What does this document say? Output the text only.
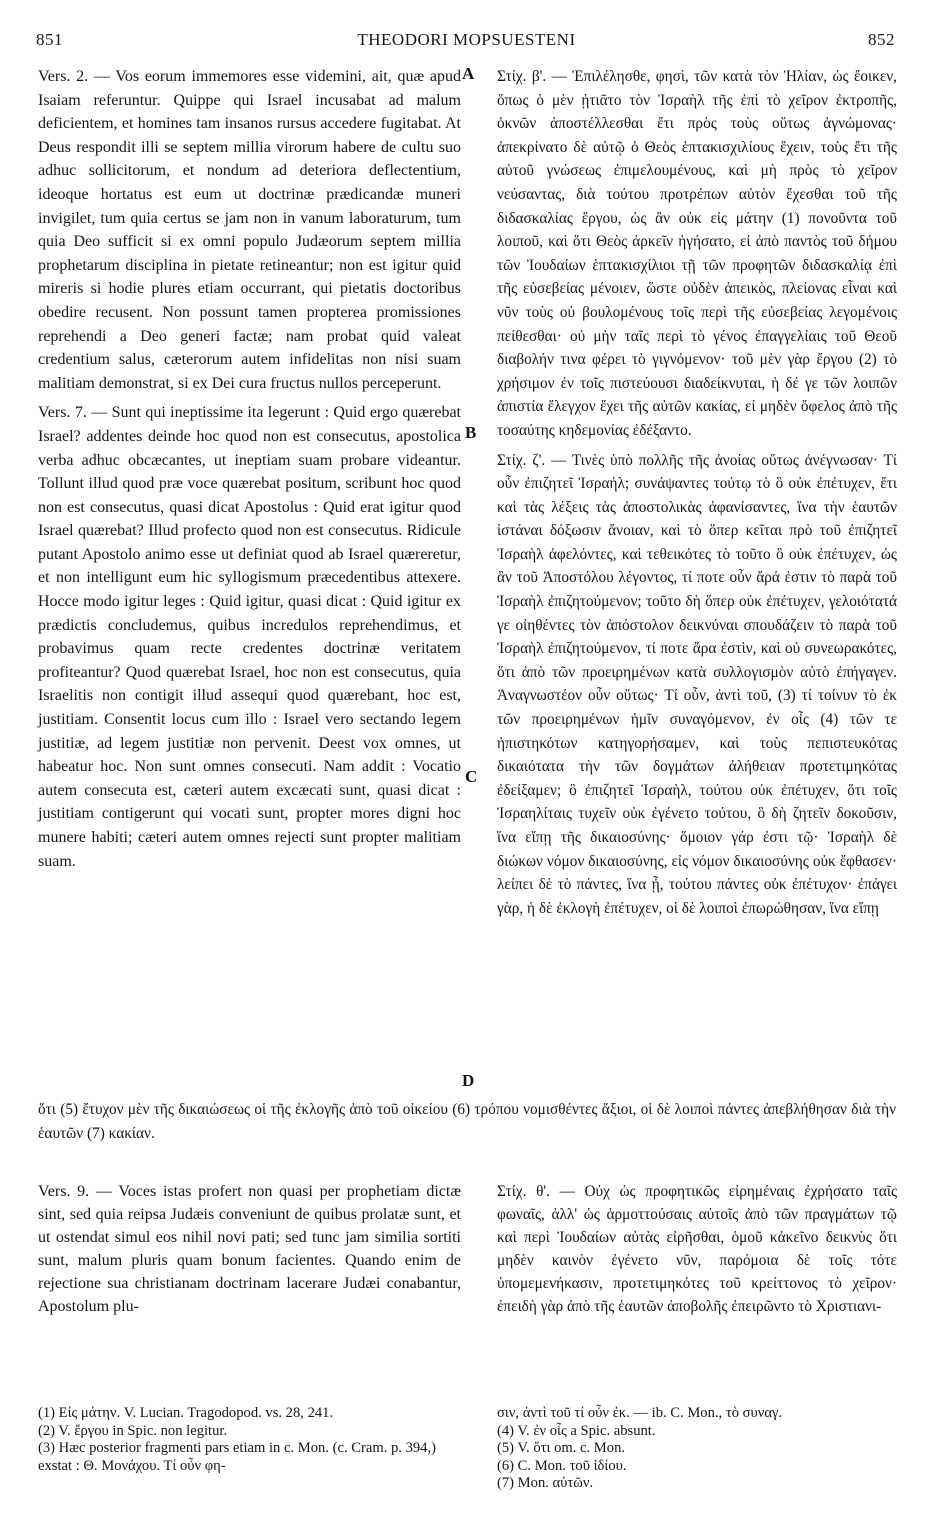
851	THEODORI MOPSUESTENI	852
A
B
C
D

Vers. 2. — Vos eorum immemores esse videmini, ait, quæ apud Isaiam referuntur. Quippe qui Israel incusabat ad malum deficientem, et homines tam insanos rursus accedere fugitabat. At Deus respondit illi se septem millia virorum habere de cultu suo adhuc sollicitorum, et nondum ad deteriora deflectentium, ideoque hortatus est eum ut doctrinæ prædicandæ muneri invigilet, tum quia certus se jam non in vanum laboraturum, tum quia Deo sufficit si ex omni populo Judæorum septem millia prophetarum disciplina in pietate retineantur; non est igitur quid mireris si hodie plures etiam occurrant, qui pietatis doctoribus obedire recusent. Non possunt tamen propterea promissiones reprehendi a Deo generi factæ; nam probat quid valeat credentium salus, cæterorum autem infidelitas non nisi suam malitiam demonstrat, si ex Dei cura fructus nullos perceperunt.

Vers. 7. — Sunt qui ineptissime ita legerunt : Quid ergo quærebat Israel? addentes deinde hoc quod non est consecutus, apostolica verba adhuc obcæcantes, ut ineptiam suam probare videantur. Tollunt illud quod præ voce quærebat positum, scribunt hoc quod non est consecutus, quasi dicat Apostolus : Quid erat igitur quod Israel quærebat? Illud profecto quod non est consecutus. Ridicule putant Apostolo animo esse ut definiat quod ab Israel quæreretur, et non intelligunt eum hic syllogismum præcedentibus attexere. Hocce modo igitur leges : Quid igitur, quasi dicat : Quid igitur ex prædictis concludemus, quibus incredulos reprehendimus, et probavimus quam recte credentes doctrinæ veritatem profiteantur? Quod quærebat Israel, hoc non est consecutus, quia Israelitis non contigit illud assequi quod quærebant, hoc est, justitiam. Consentit locus cum illo : Israel vero sectando legem justitiæ, ad legem justitiæ non pervenit. Deest vox omnes, ut habeatur hoc. Non sunt omnes consecuti. Nam addit : Vocatio autem consecuta est, cæteri autem excæcati sunt, quasi dicat : justitiam contigerunt qui vocati sunt, propter mores digni hoc munere habiti; cæteri autem omnes rejecti sunt propter malitiam suam.

Στίχ. β'. — Ἐπιλέλησθε, φησὶ, τῶν κατὰ τὸν Ἠλίαν, ὡς ἔοικεν, ὅπως ὁ μὲν ᾐτιᾶτο τὸν Ἰσραὴλ τῆς ἐπὶ τὸ χεῖρον ἐκτροπῆς, ὀκνῶν ἀποστέλλεσθαι ἔτι πρὸς τοὺς οὕτως ἀγνώμονας· ἀπεκρίνατο δὲ αὐτῷ ὁ Θεὸς ἑπτακισχιλίους ἔχειν, τοὺς ἔτι τῆς αὐτοῦ γνώσεως ἐπιμελουμένους, καὶ μὴ πρὸς τὸ χεῖρον νεύσαντας, διὰ τούτου προτρέπων αὐτὸν ἔχεσθαι τοῦ τῆς διδασκαλίας ἔργου, ὡς ἂν οὐκ εἰς μάτην (1) πονοῦντα τοῦ λοιποῦ, καὶ ὅτι Θεὸς ἀρκεῖν ἡγήσατο, εἰ ἀπὸ παντὸς τοῦ δήμου τῶν Ἰουδαίων ἑπτακισχίλιοι τῇ τῶν προφητῶν διδασκαλίᾳ ἐπὶ τῆς εὐσεβείας μένοιεν, ὥστε οὐδὲν ἀπεικὸς, πλείονας εἶναι καὶ νῦν τοὺς οὐ βουλομένους τοῖς περὶ τῆς εὐσεβείας λεγομένοις πείθεσθαι· οὐ μὴν ταῖς περὶ τὸ γένος ἐπαγγελίαις τοῦ Θεοῦ διαβολήν τινα φέρει τὸ γιγνόμενον· τοῦ μὲν γὰρ ἔργου (2) τὸ χρήσιμον ἐν τοῖς πιστεύουσι διαδείκνυται, ἡ δέ γε τῶν λοιπῶν ἀπιστία ἔλεγχον ἔχει τῆς αὐτῶν κακίας, εἰ μηδὲν ὄφελος ἀπὸ τῆς τοσαύτης κηδεμονίας ἐδέξαντο.

Στίχ. ζ'. — Τινὲς ὑπὸ πολλῆς τῆς ἀνοίας οὕτως ἀνέγνωσαν· Τί οὖν ἐπιζητεῖ Ἰσραήλ; συνάψαντες τούτῳ τὸ ὃ οὐκ ἐπέτυχεν, ἔτι καὶ τὰς λέξεις τὰς ἀποστολικὰς ἀφανίσαντες, ἵνα τὴν ἑαυτῶν ἱστάναι δόξωσιν ἄνοιαν, καὶ τὸ ὅπερ κεῖται πρὸ τοῦ ἐπιζητεῖ Ἰσραὴλ ἀφελόντες, καὶ τεθεικότες τὸ τοῦτο ὃ οὐκ ἐπέτυχεν, ὡς ἂν τοῦ Ἀποστόλου λέγοντος, τί ποτε οὖν ἄρά ἐστιν τὸ παρὰ τοῦ Ἰσραὴλ ἐπιζητούμενον; τοῦτο δὴ ὅπερ οὐκ ἐπέτυχεν, γελοιότατά γε οἰηθέντες τὸν ἀπόστολον δεικνύναι σπουδάζειν τὸ παρὰ τοῦ Ἰσραὴλ ἐπιζητούμενον, τί ποτε ἄρα ἐστὶν, καὶ οὐ συνεωρακότες, ὅτι ἀπὸ τῶν προειρημένων κατὰ συλλογισμὸν αὐτὸ ἐπήγαγεν. Ἀναγνωστέον οὖν οὕτως· Τί οὖν, ἀντὶ τοῦ, (3) τί τοίνυν τὸ ἐκ τῶν προειρημένων ἡμῖν συναγόμενον, ἐν οἷς (4) τῶν τε ἠπιστηκότων κατηγορήσαμεν, καὶ τοὺς πεπιστευκότας δικαιότατα τὴν τῶν δογμάτων ἀλήθειαν προτετιμηκότας ἐδείξαμεν; ὃ ἐπιζητεῖ Ἰσραὴλ, τούτου οὐκ ἐπέτυχεν, ὅτι τοῖς Ἰσραηλίταις τυχεῖν οὐκ ἐγένετο τούτου, ὃ δὴ ζητεῖν δοκοῦσιν, ἵνα εἴπῃ τῆς δικαιοσύνης· ὅμοιον γάρ ἐστι τῷ· Ἰσραὴλ δὲ διώκων νόμον δικαιοσύνης, εἰς νόμον δικαιοσύνης οὐκ ἔφθασεν· λείπει δὲ τὸ πάντες, ἵνα ᾖ, τούτου πάντες οὐκ ἐπέτυχον· ἐπάγει γὰρ, ἡ δὲ ἐκλογὴ ἐπέτυχεν, οἱ δὲ λοιποὶ ἐπωρώθησαν, ἵνα εἴπῃ

ὅτι (5) ἔτυχον μὲν τῆς δικαιώσεως οἱ τῆς ἐκλογῆς ἀπὸ τοῦ οἰκείου (6) τρόπου νομισθέντες ἄξιοι, οἱ δὲ λοιποὶ πάντες ἀπεβλήθησαν διὰ τὴν ἑαυτῶν (7) κακίαν.

Vers. 9. — Voces istas profert non quasi per prophetiam dictæ sint, sed quia reipsa Judæis conveniunt de quibus prolatæ sunt, et ut ostendat simul eos nihil novi pati; sed tunc jam similia sortiti sunt, malum pluris quam bonum facientes. Quando enim de rejectione sua christianam doctrinam lacerare Judæi conabantur, Apostolum plu-

Στίχ. θ'. — Οὐχ ὡς προφητικῶς εἰρημέναις ἐχρήσατο ταῖς φωναῖς, ἀλλ' ὡς ἁρμοττούσαις αὐτοῖς ἀπὸ τῶν πραγμάτων τῷ καὶ περὶ Ἰουδαίων αὐτὰς εἰρῆσθαι, ὁμοῦ κἀκεῖνο δεικνὺς ὅτι μηδὲν καινὸν ἐγένετο νῦν, παρόμοια δὲ τοῖς τότε ὑπομεμενήκασιν, προτετιμηκότες τοῦ κρείττονος τὸ χεῖρον· ἐπειδὴ γὰρ ἀπὸ τῆς ἑαυτῶν ἀποβολῆς ἐπειρῶντο τὸ Χριστιανι-

(1) Εἰς μάτην. V. Lucian. Tragodopod. vs. 28, 241.

(2) V. ἔργου in Spic. non legitur.

(3) Hæc posterior fragmenti pars etiam in c. Mon. (c. Cram. p. 394,) exstat : Θ. Μονάχου. Τί οὖν φη-

σιν, ἀντὶ τοῦ τί οὖν ἐκ. — ib. C. Mon., τὸ συναγ.

(4) V. ἐν οἷς a Spic. absunt.

(5) V. ὅτι om. c. Mon.

(6) C. Mon. τοῦ ἰδίου.

(7) Mon. αὐτῶν.
